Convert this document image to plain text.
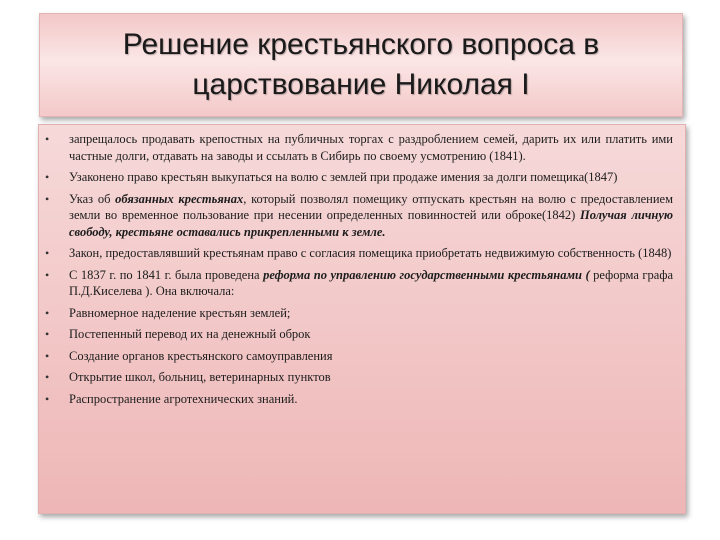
Решение крестьянского вопроса в
царствование Николая I
• запрещалось продавать крепостных на публичных торгах с раздроблением семей, дарить их или платить ими частные долги, отдавать на заводы и ссылать в Сибирь по своему усмотрению (1841).
• Узаконено право крестьян выкупаться на волю с землей при продаже имения за долги помещика(1847)
• Указ об обязанных крестьянах, который позволял помещику отпускать крестьян на волю с предоставлением земли во временное пользование при несении определенных повинностей или оброке(1842) Получая личную свободу, крестьяне оставались прикрепленными к земле.
• Закон, предоставлявший крестьянам право с согласия помещика приобретать недвижимую собственность (1848)
• С 1837 г. по 1841 г. была проведена реформа по управлению государственными крестьянами ( реформа графа П.Д.Киселева ). Она включала:
• Равномерное наделение крестьян землей;
• Постепенный перевод их на денежный оброк
• Создание органов крестьянского самоуправления
• Открытие школ, больниц, ветеринарных пунктов
• Распространение агротехнических знаний.
